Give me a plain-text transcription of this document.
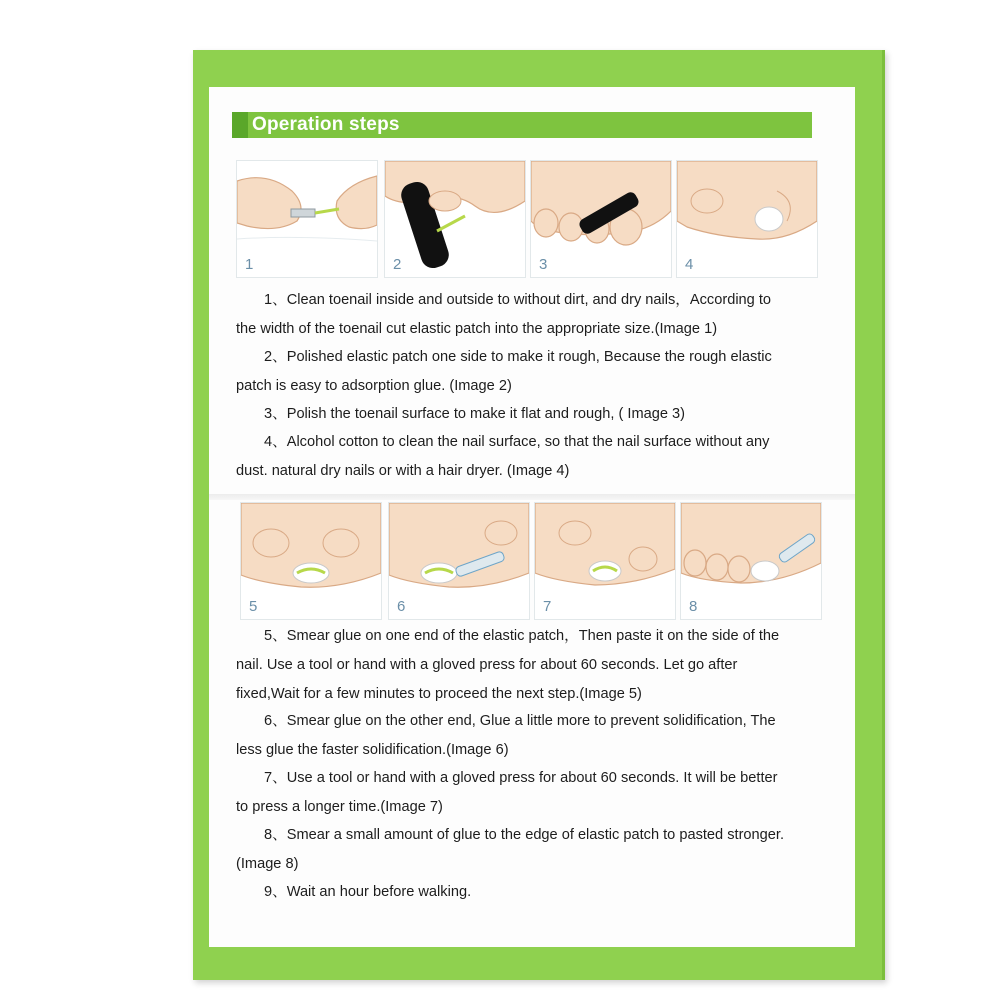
Operation steps
1	2	3	4
1、Clean toenail inside and outside to without dirt, and dry nails，According to
the width of the toenail cut elastic patch into the appropriate size.(Image 1)
2、Polished elastic patch one side to make it rough, Because the rough elastic
patch is easy to adsorption glue. (Image 2)
3、Polish the toenail surface to make it flat and rough, ( Image 3)
4、Alcohol cotton to clean the nail surface, so that the nail surface without any
dust. natural dry nails or with a hair dryer. (Image 4)
5	6	7	8
5、Smear glue on one end of the elastic patch，Then paste it on the side of the
nail. Use a tool or hand with a gloved press for about 60 seconds. Let go after
fixed,Wait for a few minutes to proceed the next step.(Image 5)
6、Smear glue on the other end, Glue a little more to prevent solidification, The
less glue the faster solidification.(Image 6)
7、Use a tool or hand with a gloved press for about 60 seconds. It will be better
to press a longer time.(Image 7)
8、Smear a small amount of glue to the edge of elastic patch to pasted stronger.
(Image 8)
9、Wait an hour before walking.
